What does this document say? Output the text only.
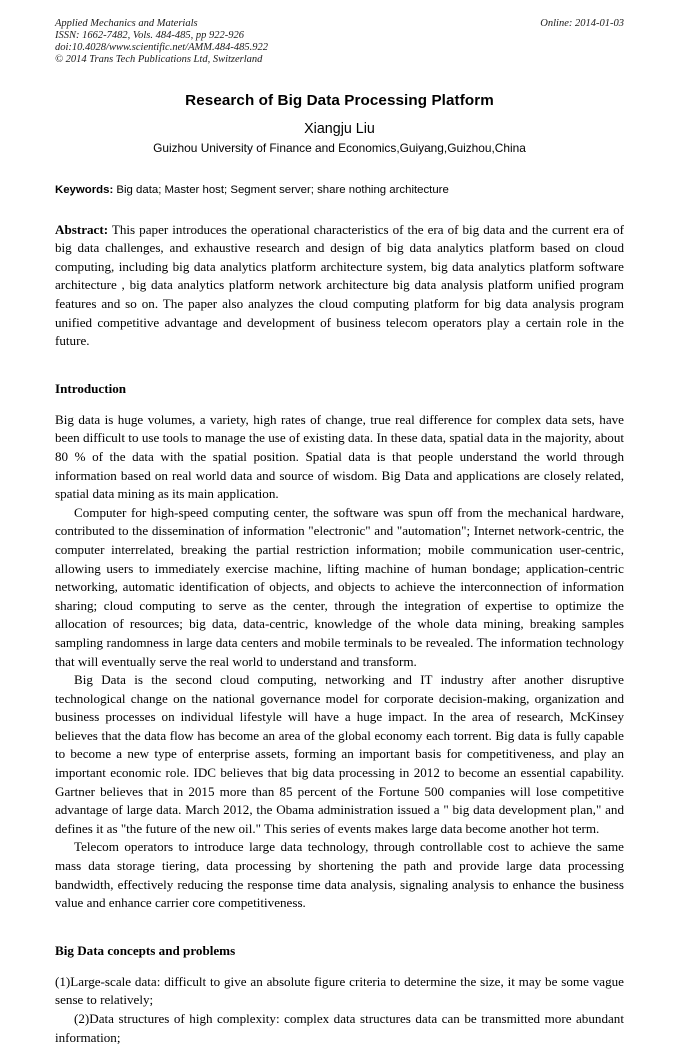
Applied Mechanics and Materials
ISSN: 1662-7482, Vols. 484-485, pp 922-926
doi:10.4028/www.scientific.net/AMM.484-485.922
© 2014 Trans Tech Publications Ltd, Switzerland
Online: 2014-01-03
Research of Big Data Processing Platform
Xiangju Liu
Guizhou University of Finance and Economics,Guiyang,Guizhou,China

Keywords: Big data; Master host; Segment server; share nothing architecture

Abstract: This paper introduces the operational characteristics of the era of big data and the current era of big data challenges, and exhaustive research and design of big data analytics platform based on cloud computing, including big data analytics platform architecture system, big data analytics platform software architecture , big data analytics platform network architecture big data analysis platform unified program features and so on. The paper also analyzes the cloud computing platform for big data analysis program unified competitive advantage and development of business telecom operators play a certain role in the future.

Introduction

Big data is huge volumes, a variety, high rates of change, true real difference for complex data sets, have been difficult to use tools to manage the use of existing data. In these data, spatial data in the majority, about 80 % of the data with the spatial position. Spatial data is that people understand the world through information based on real world data and source of wisdom. Big Data and applications are closely related, spatial data mining as its main application.

Computer for high-speed computing center, the software was spun off from the mechanical hardware, contributed to the dissemination of information "electronic" and "automation"; Internet network-centric, the computer interrelated, breaking the partial restriction information; mobile communication user-centric, allowing users to immediately exercise machine, lifting machine of human bondage; application-centric networking, automatic identification of objects, and objects to achieve the interconnection of information sharing; cloud computing to serve as the center, through the integration of expertise to optimize the allocation of resources; big data, data-centric, knowledge of the whole data mining, breaking samples sampling randomness in large data centers and mobile terminals to be revealed. The information technology that will eventually serve the real world to understand and transform.

Big Data is the second cloud computing, networking and IT industry after another disruptive technological change on the national governance model for corporate decision-making, organization and business processes on individual lifestyle will have a huge impact. In the area of research, McKinsey believes that the data flow has become an area of the global economy each torrent. Big data is fully capable to become a new type of enterprise assets, forming an important basis for competitiveness, and play an important economic role. IDC believes that big data processing in 2012 to become an essential capability. Gartner believes that in 2015 more than 85 percent of the Fortune 500 companies will lose competitive advantage of large data. March 2012, the Obama administration issued a " big data development plan," and defines it as "the future of the new oil." This series of events makes large data become another hot term.

Telecom operators to introduce large data technology, through controllable cost to achieve the same mass data storage tiering, data processing by shortening the path and provide large data processing bandwidth, effectively reducing the response time data analysis, signaling analysis to enhance the business value and enhance carrier core competitiveness.

Big Data concepts and problems

(1)Large-scale data: difficult to give an absolute figure criteria to determine the size, it may be some vague sense to relatively;

(2)Data structures of high complexity: complex data structures data can be transmitted more abundant information;
